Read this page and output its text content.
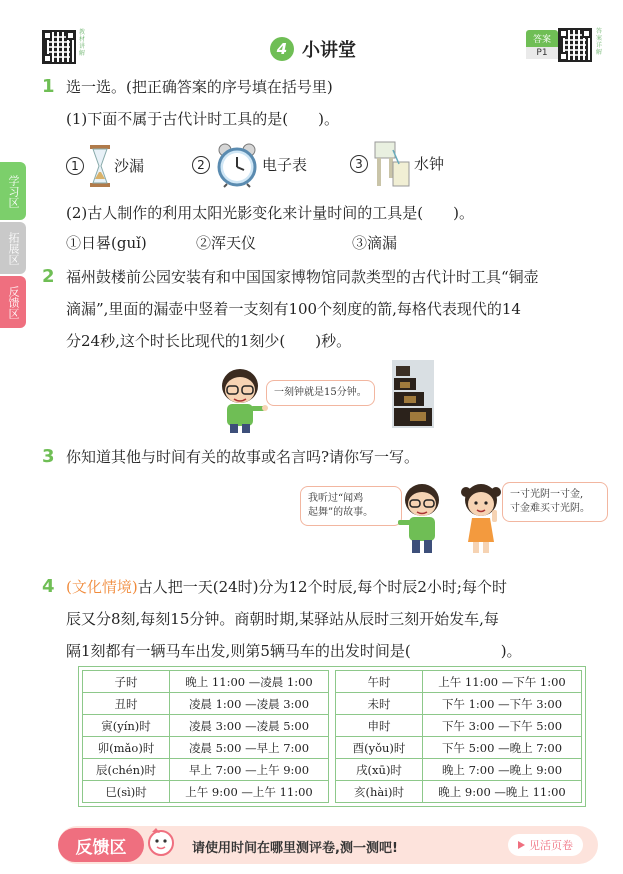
教材讲解	4 小讲堂	答案
P1
答案详解
学习区
拓展区
反馈区
1 选一选。(把正确答案的序号填在括号里)
(1)下面不属于古代计时工具的是(　　)。
1	沙漏	2	电子表	3	水钟
(2)古人制作的利用太阳光影变化来计量时间的工具是(　　)。
①日晷(guǐ)	②浑天仪	③滴漏
2 福州鼓楼前公园安装有和中国国家博物馆同款类型的古代计时工具“铜壶
滴漏”,里面的漏壶中竖着一支刻有100个刻度的箭,每格代表现代的14
分24秒,这个时长比现代的1刻少(　　)秒。
一刻钟就是15分钟。
3 你知道其他与时间有关的故事或名言吗?请你写一写。
我听过“闻鸡
起舞”的故事。
一寸光阴一寸金,
寸金难买寸光阴。
4 (文化情境)古人把一天(24时)分为12个时辰,每个时辰2小时;每个时
辰又分8刻,每刻15分钟。商朝时期,某驿站从辰时三刻开始发车,每
隔1刻都有一辆马车出发,则第5辆马车的出发时间是(　　　　　　)。
子时	晚上 11:00 —凌晨 1:00
丑时	凌晨 1:00 —凌晨 3:00
寅(yín)时	凌晨 3:00 —凌晨 5:00
卯(mǎo)时	凌晨 5:00 —早上 7:00
辰(chén)时	早上 7:00 —上午 9:00
巳(sì)时	上午 9:00 —上午 11:00
午时	上午 11:00 —下午 1:00
未时	下午 1:00 —下午 3:00
申时	下午 3:00 —下午 5:00
酉(yǒu)时	下午 5:00 —晚上 7:00
戌(xū)时	晚上 7:00 —晚上 9:00
亥(hài)时	晚上 9:00 —晚上 11:00
反馈区	请使用时间在哪里测评卷,测一测吧!	见活页卷
